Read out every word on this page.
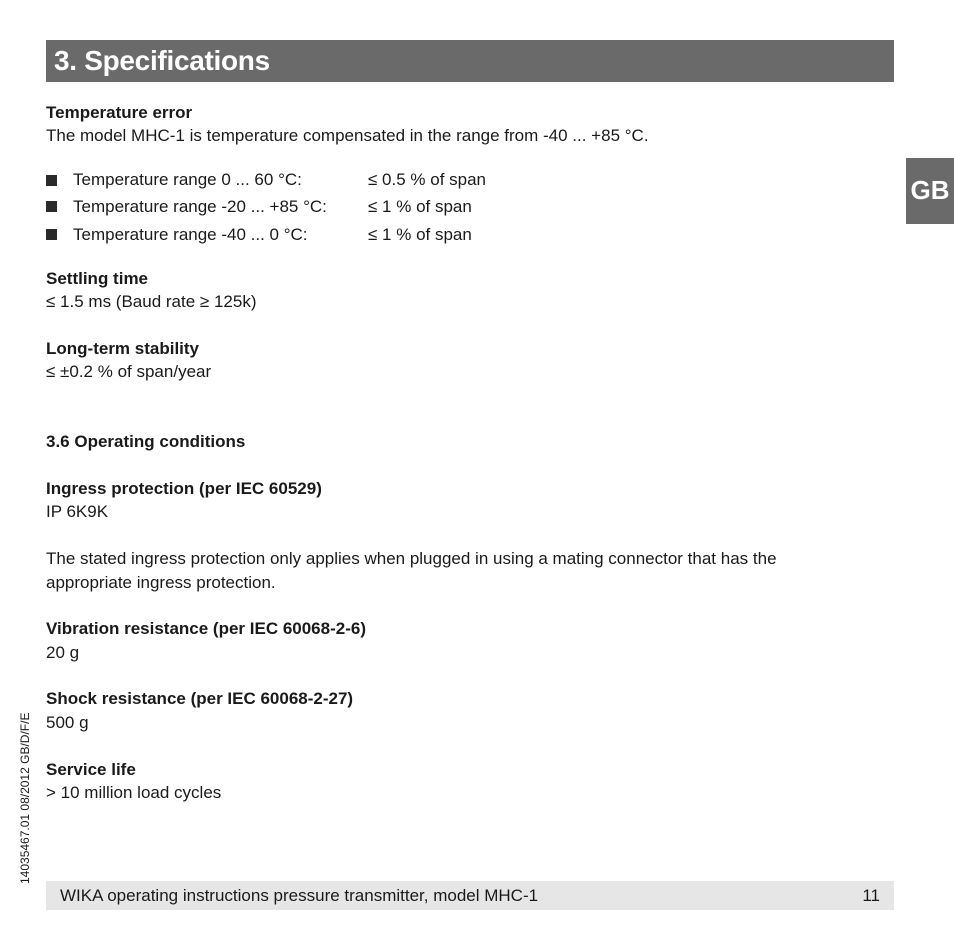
3. Specifications
GB
Temperature error
The model MHC-1 is temperature compensated in the range from -40 ... +85 °C.
Temperature range 0 ... 60 °C:	≤ 0.5 % of span
Temperature range -20 ... +85 °C: ≤ 1 % of span
Temperature range -40 ... 0 °C:	≤ 1 % of span
Settling time
≤ 1.5 ms (Baud rate ≥ 125k)
Long-term stability
≤ ±0.2 % of span/year
3.6 Operating conditions
Ingress protection (per IEC 60529)
IP 6K9K
The stated ingress protection only applies when plugged in using a mating connector that has the
appropriate ingress protection.
Vibration resistance (per IEC 60068-2-6)
20 g
Shock resistance (per IEC 60068-2-27)
500 g
Service life
> 10 million load cycles
14035467.01 08/2012 GB/D/F/E
WIKA operating instructions pressure transmitter, model MHC-1	11
